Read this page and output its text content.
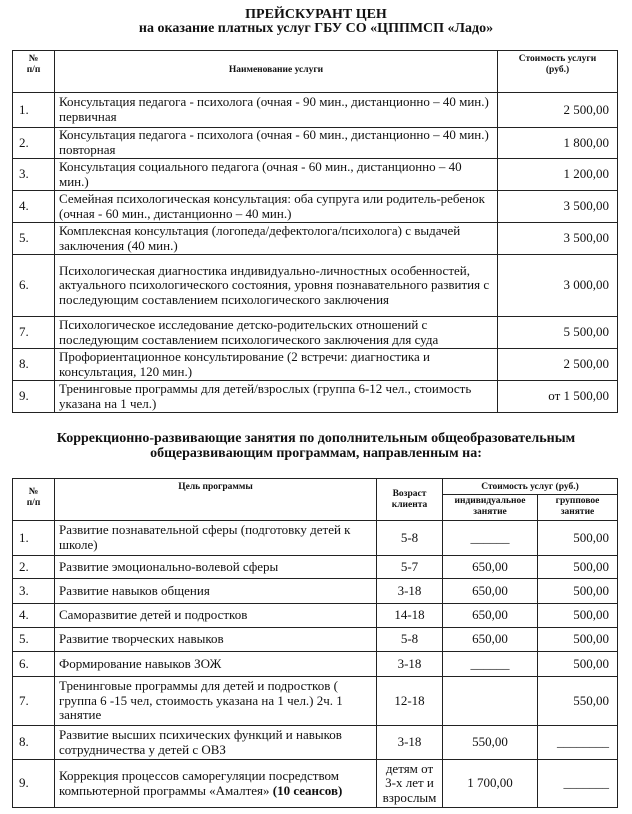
ПРЕЙСКУРАНТ ЦЕН
на оказание платных услуг ГБУ СО «ЦППМСП «Ладо»
№
п/п	Наименование услуги	Стоимость услуги
(руб.)
1.	Консультация педагога - психолога (очная - 90 мин., дистанционно – 40 мин.) первичная	2 500,00
2.	Консультация педагога - психолога (очная - 60 мин., дистанционно – 40 мин.) повторная	1 800,00
3.	Консультация социального педагога (очная - 60 мин., дистанционно – 40 мин.)	1 200,00
4.	Семейная психологическая консультация: оба супруга или родитель-ребенок (очная - 60 мин., дистанционно – 40 мин.)	3 500,00
5.	Комплексная консультация (логопеда/дефектолога/психолога) с выдачей заключения (40 мин.)	3 500,00
6.	Психологическая диагностика индивидуально-личностных особенностей, актуального психологического состояния, уровня познавательного развития с последующим составлением психологического заключения	3 000,00
7.	Психологическое исследование детско-родительских отношений с последующим составлением психологического заключения для суда	5 500,00
8.	Профориентационное консультирование (2 встречи: диагностика и консультация, 120 мин.)	2 500,00
9.	Тренинговые программы для детей/взрослых (группа 6-12 чел., стоимость указана на 1 чел.)	от 1 500,00
Коррекционно-развивающие занятия по дополнительным общеобразовательным
общеразвивающим программам, направленным на:
№
п/п	Цель программы	Возраст
клиента	Стоимость услуг (руб.)	
			индивидуальное
занятие	групповое
занятие
1.	Развитие познавательной сферы (подготовку детей к школе)	5-8	______	500,00
2.	Развитие эмоционально-волевой сферы	5-7	650,00	500,00
3.	Развитие навыков общения	3-18	650,00	500,00
4.	Саморазвитие детей и подростков	14-18	650,00	500,00
5.	Развитие творческих навыков	5-8	650,00	500,00
6.	Формирование навыков ЗОЖ	3-18	______	500,00
7.	Тренинговые программы для детей и подростков ( группа 6 -15 чел, стоимость указана на 1 чел.) 2ч. 1 занятие	12-18		550,00
8.	Развитие высших психических функций и навыков сотрудничества у детей с ОВЗ	3-18	550,00	________
9.	Коррекция процессов саморегуляции посредством компьютерной программы «Амалтея» (10 сеансов)	детям от 3-х лет и взрослым	1 700,00	_______
